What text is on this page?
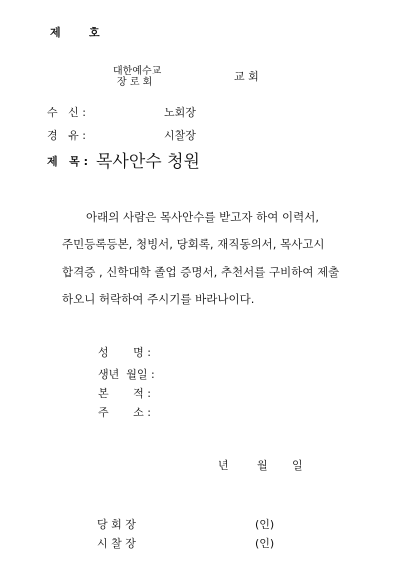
제	호
대한예수교
장 로 회	교 회
수   신 :	노회장
경   유 :	시찰장
제   목 : 목사안수 청원
아래의 사람은 목사안수를 받고자 하여 이력서,
주민등록등본, 청빙서, 당회록, 재직동의서, 목사고시
합격증 , 신학대학 졸업 증명서, 추천서를 구비하여 제출
하오니 허락하여 주시기를 바라나이다.
성       명 :
생년  월일 :
본       적 :
주       소 :
년	월 일
당 회 장	(인)
시 찰 장	(인)
